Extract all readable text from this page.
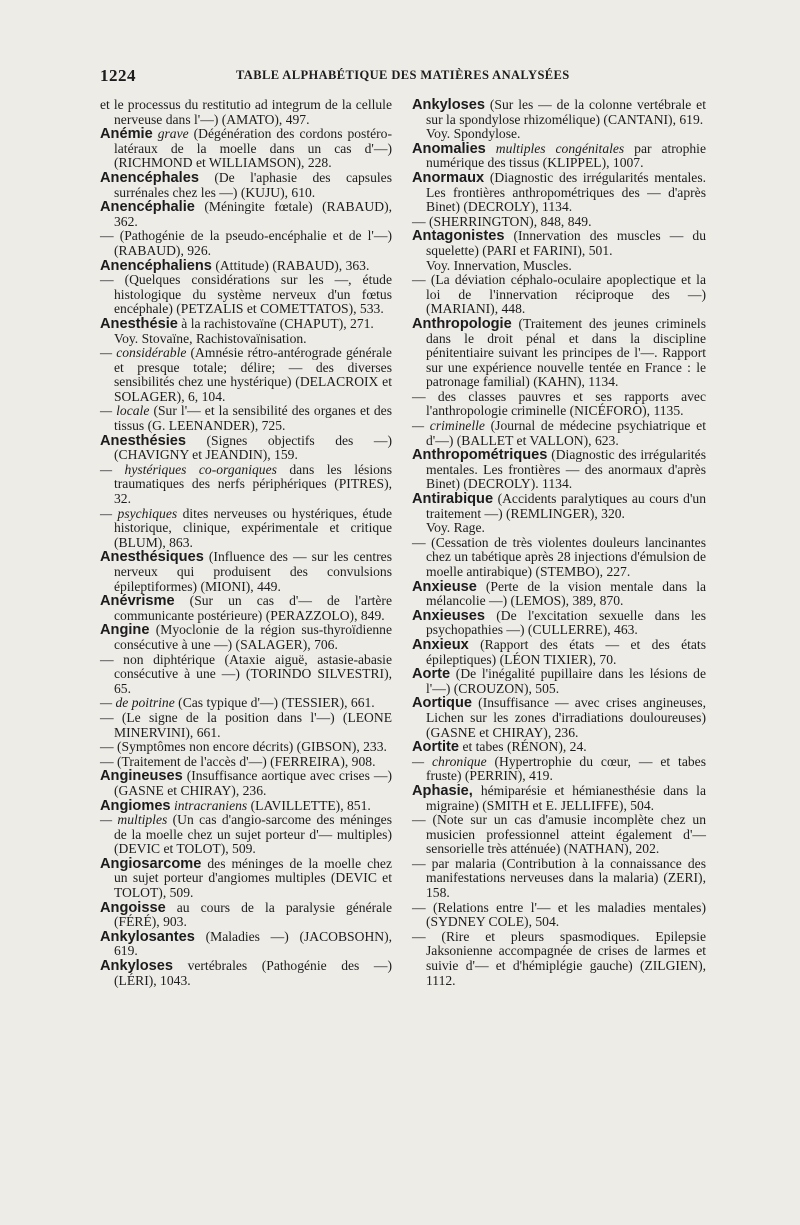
1224	TABLE ALPHABÉTIQUE DES MATIÈRES ANALYSÉES
et le processus du restitutio ad integrum de la cellule nerveuse dans l'—) (AMATO), 497.
Anémie grave (Dégénération des cordons postéro-latéraux de la moelle dans un cas d'—) (RICHMOND et WILLIAMSON), 228.
Anencéphales (De l'aphasie des capsules surrénales chez les —) (KUJU), 610.
Anencéphalie (Méningite fœtale) (RABAUD), 362.
— (Pathogénie de la pseudo-encéphalie et de l'—) (RABAUD), 926.
Anencéphaliens (Attitude) (RABAUD), 363.
— (Quelques considérations sur les —, étude histologique du système nerveux d'un fœtus encéphale) (PETZALIS et COMETTATOS), 533.
Anesthésie à la rachistovaïne (CHAPUT), 271.
Voy. Stovaïne, Rachistovaïnisation.
— considérable (Amnésie rétro-antérograde générale et presque totale; délire; — des diverses sensibilités chez une hystérique) (DELACROIX et SOLAGER), 6, 104.
— locale (Sur l'— et la sensibilité des organes et des tissus (G. LEENANDER), 725.
Anesthésies (Signes objectifs des —) (CHAVIGNY et JEANDIN), 159.
— hystériques co-organiques dans les lésions traumatiques des nerfs périphériques (PITRES), 32.
— psychiques dites nerveuses ou hystériques, étude historique, clinique, expérimentale et critique (BLUM), 863.
Anesthésiques (Influence des — sur les centres nerveux qui produisent des convulsions épileptiformes) (MIONI), 449.
Anévrisme (Sur un cas d'— de l'artère communicante postérieure) (PERAZZOLO), 849.
Angine (Myoclonie de la région sus-thyroïdienne consécutive à une —) (SALAGER), 706.
— non diphtérique (Ataxie aiguë, astasie-abasie consécutive à une —) (TORINDO SILVESTRI), 65.
— de poitrine (Cas typique d'—) (TESSIER), 661.
— (Le signe de la position dans l'—) (LEONE MINERVINI), 661.
— (Symptômes non encore décrits) (GIBSON), 233.
— (Traitement de l'accès d'—) (FERREIRA), 908.
Angineuses (Insuffisance aortique avec crises —) (GASNE et CHIRAY), 236.
Angiomes intracraniens (LAVILLETTE), 851.
— multiples (Un cas d'angio-sarcome des méninges de la moelle chez un sujet porteur d'— multiples) (DEVIC et TOLOT), 509.
Angiosarcome des méninges de la moelle chez un sujet porteur d'angiomes multiples (DEVIC et TOLOT), 509.
Angoisse au cours de la paralysie générale (FÉRÉ), 903.
Ankylosantes (Maladies —) (JACOBSOHN), 619.
Ankyloses vertébrales (Pathogénie des —) (LÉRI), 1043.
Ankyloses (Sur les — de la colonne vertébrale et sur la spondylose rhizomélique) (CANTANI), 619.
Voy. Spondylose.
Anomalies multiples congénitales par atrophie numérique des tissus (KLIPPEL), 1007.
Anormaux (Diagnostic des irrégularités mentales. Les frontières anthropométriques des — d'après Binet) (DECROLY), 1134.
— (SHERRINGTON), 848, 849.
Antagonistes (Innervation des muscles — du squelette) (PARI et FARINI), 501.
Voy. Innervation, Muscles.
— (La déviation céphalo-oculaire apoplectique et la loi de l'innervation réciproque des —) (MARIANI), 448.
Anthropologie (Traitement des jeunes criminels dans le droit pénal et dans la discipline pénitentiaire suivant les principes de l'—. Rapport sur une expérience nouvelle tentée en France : le patronage familial) (KAHN), 1134.
— des classes pauvres et ses rapports avec l'anthropologie criminelle (NICÉFORO), 1135.
— criminelle (Journal de médecine psychiatrique et d'—) (BALLET et VALLON), 623.
Anthropométriques (Diagnostic des irrégularités mentales. Les frontières — des anormaux d'après Binet) (DECROLY). 1134.
Antirabique (Accidents paralytiques au cours d'un traitement —) (REMLINGER), 320.
Voy. Rage.
— (Cessation de très violentes douleurs lancinantes chez un tabétique après 28 injections d'émulsion de moelle antirabique) (STEMBO), 227.
Anxieuse (Perte de la vision mentale dans la mélancolie —) (LEMOS), 389, 870.
Anxieuses (De l'excitation sexuelle dans les psychopathies —) (CULLERRE), 463.
Anxieux (Rapport des états — et des états épileptiques) (LÉON TIXIER), 70.
Aorte (De l'inégalité pupillaire dans les lésions de l'—) (CROUZON), 505.
Aortique (Insuffisance — avec crises angineuses, Lichen sur les zones d'irradiations douloureuses) (GASNE et CHIRAY), 236.
Aortite et tabes (RÉNON), 24.
— chronique (Hypertrophie du cœur, — et tabes fruste) (PERRIN), 419.
Aphasie, hémiparésie et hémianesthésie dans la migraine) (SMITH et E. JELLIFFE), 504.
— (Note sur un cas d'amusie incomplète chez un musicien professionnel atteint également d'— sensorielle très atténuée) (NATHAN), 202.
— par malaria (Contribution à la connaissance des manifestations nerveuses dans la malaria) (ZERI), 158.
— (Relations entre l'— et les maladies mentales) (SYDNEY COLE), 504.
— (Rire et pleurs spasmodiques. Epilepsie Jaksonienne accompagnée de crises de larmes et suivie d'— et d'hémiplégie gauche) (ZILGIEN), 1112.
